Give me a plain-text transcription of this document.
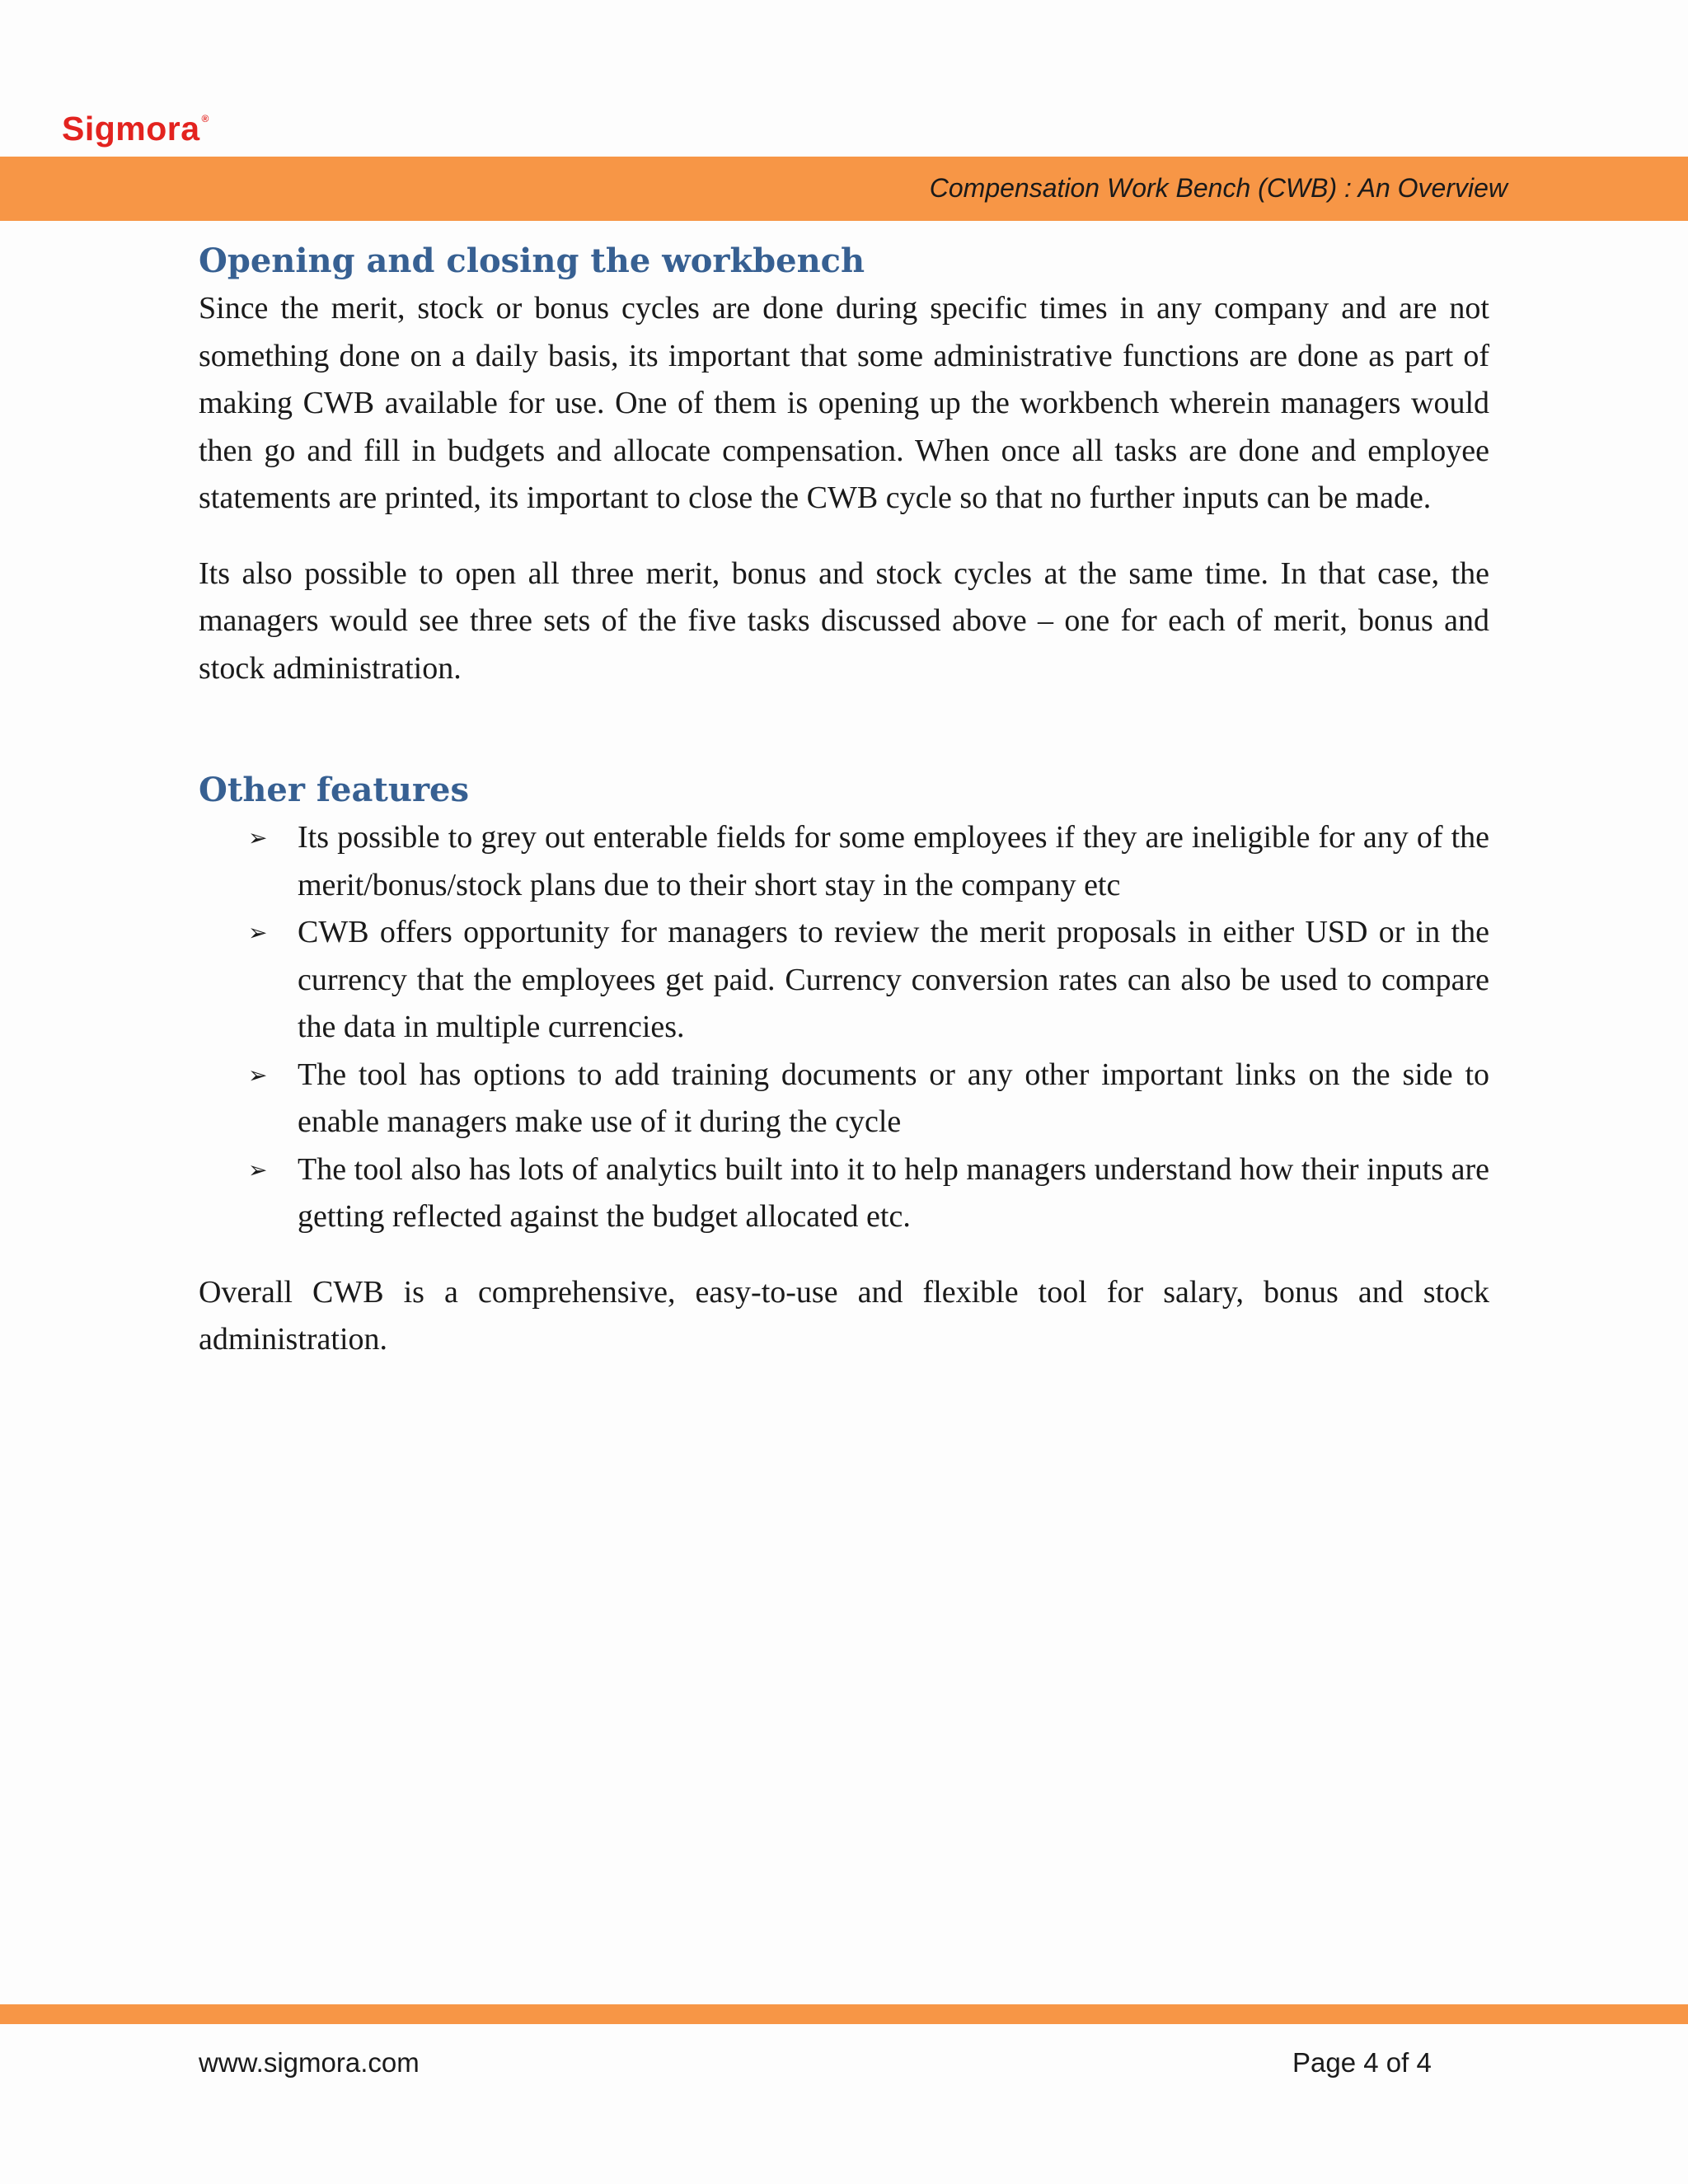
Sigmora ®
Compensation Work Bench (CWB) : An Overview
Opening and closing the workbench

Since the merit, stock or bonus cycles are done during specific times in any company and are not something done on a daily basis, its important that some administrative functions are done as part of making CWB available for use. One of them is opening up the workbench wherein managers would then go and fill in budgets and allocate compensation. When once all tasks are done and employee statements are printed, its important to close the CWB cycle so that no further inputs can be made.

Its also possible to open all three merit, bonus and stock cycles at the same time. In that case, the managers would see three sets of the five tasks discussed above – one for each of merit, bonus and stock administration.

Other features
➢ Its possible to grey out enterable fields for some employees if they are ineligible for any of the merit/bonus/stock plans due to their short stay in the company etc
➢ CWB offers opportunity for managers to review the merit proposals in either USD or in the currency that the employees get paid. Currency conversion rates can also be used to compare the data in multiple currencies.
➢ The tool has options to add training documents or any other important links on the side to enable managers make use of it during the cycle
➢ The tool also has lots of analytics built into it to help managers understand how their inputs are getting reflected against the budget allocated etc.

Overall CWB is a comprehensive, easy-to-use and flexible tool for salary, bonus and stock administration.

www.sigmora.com	Page 4 of 4
